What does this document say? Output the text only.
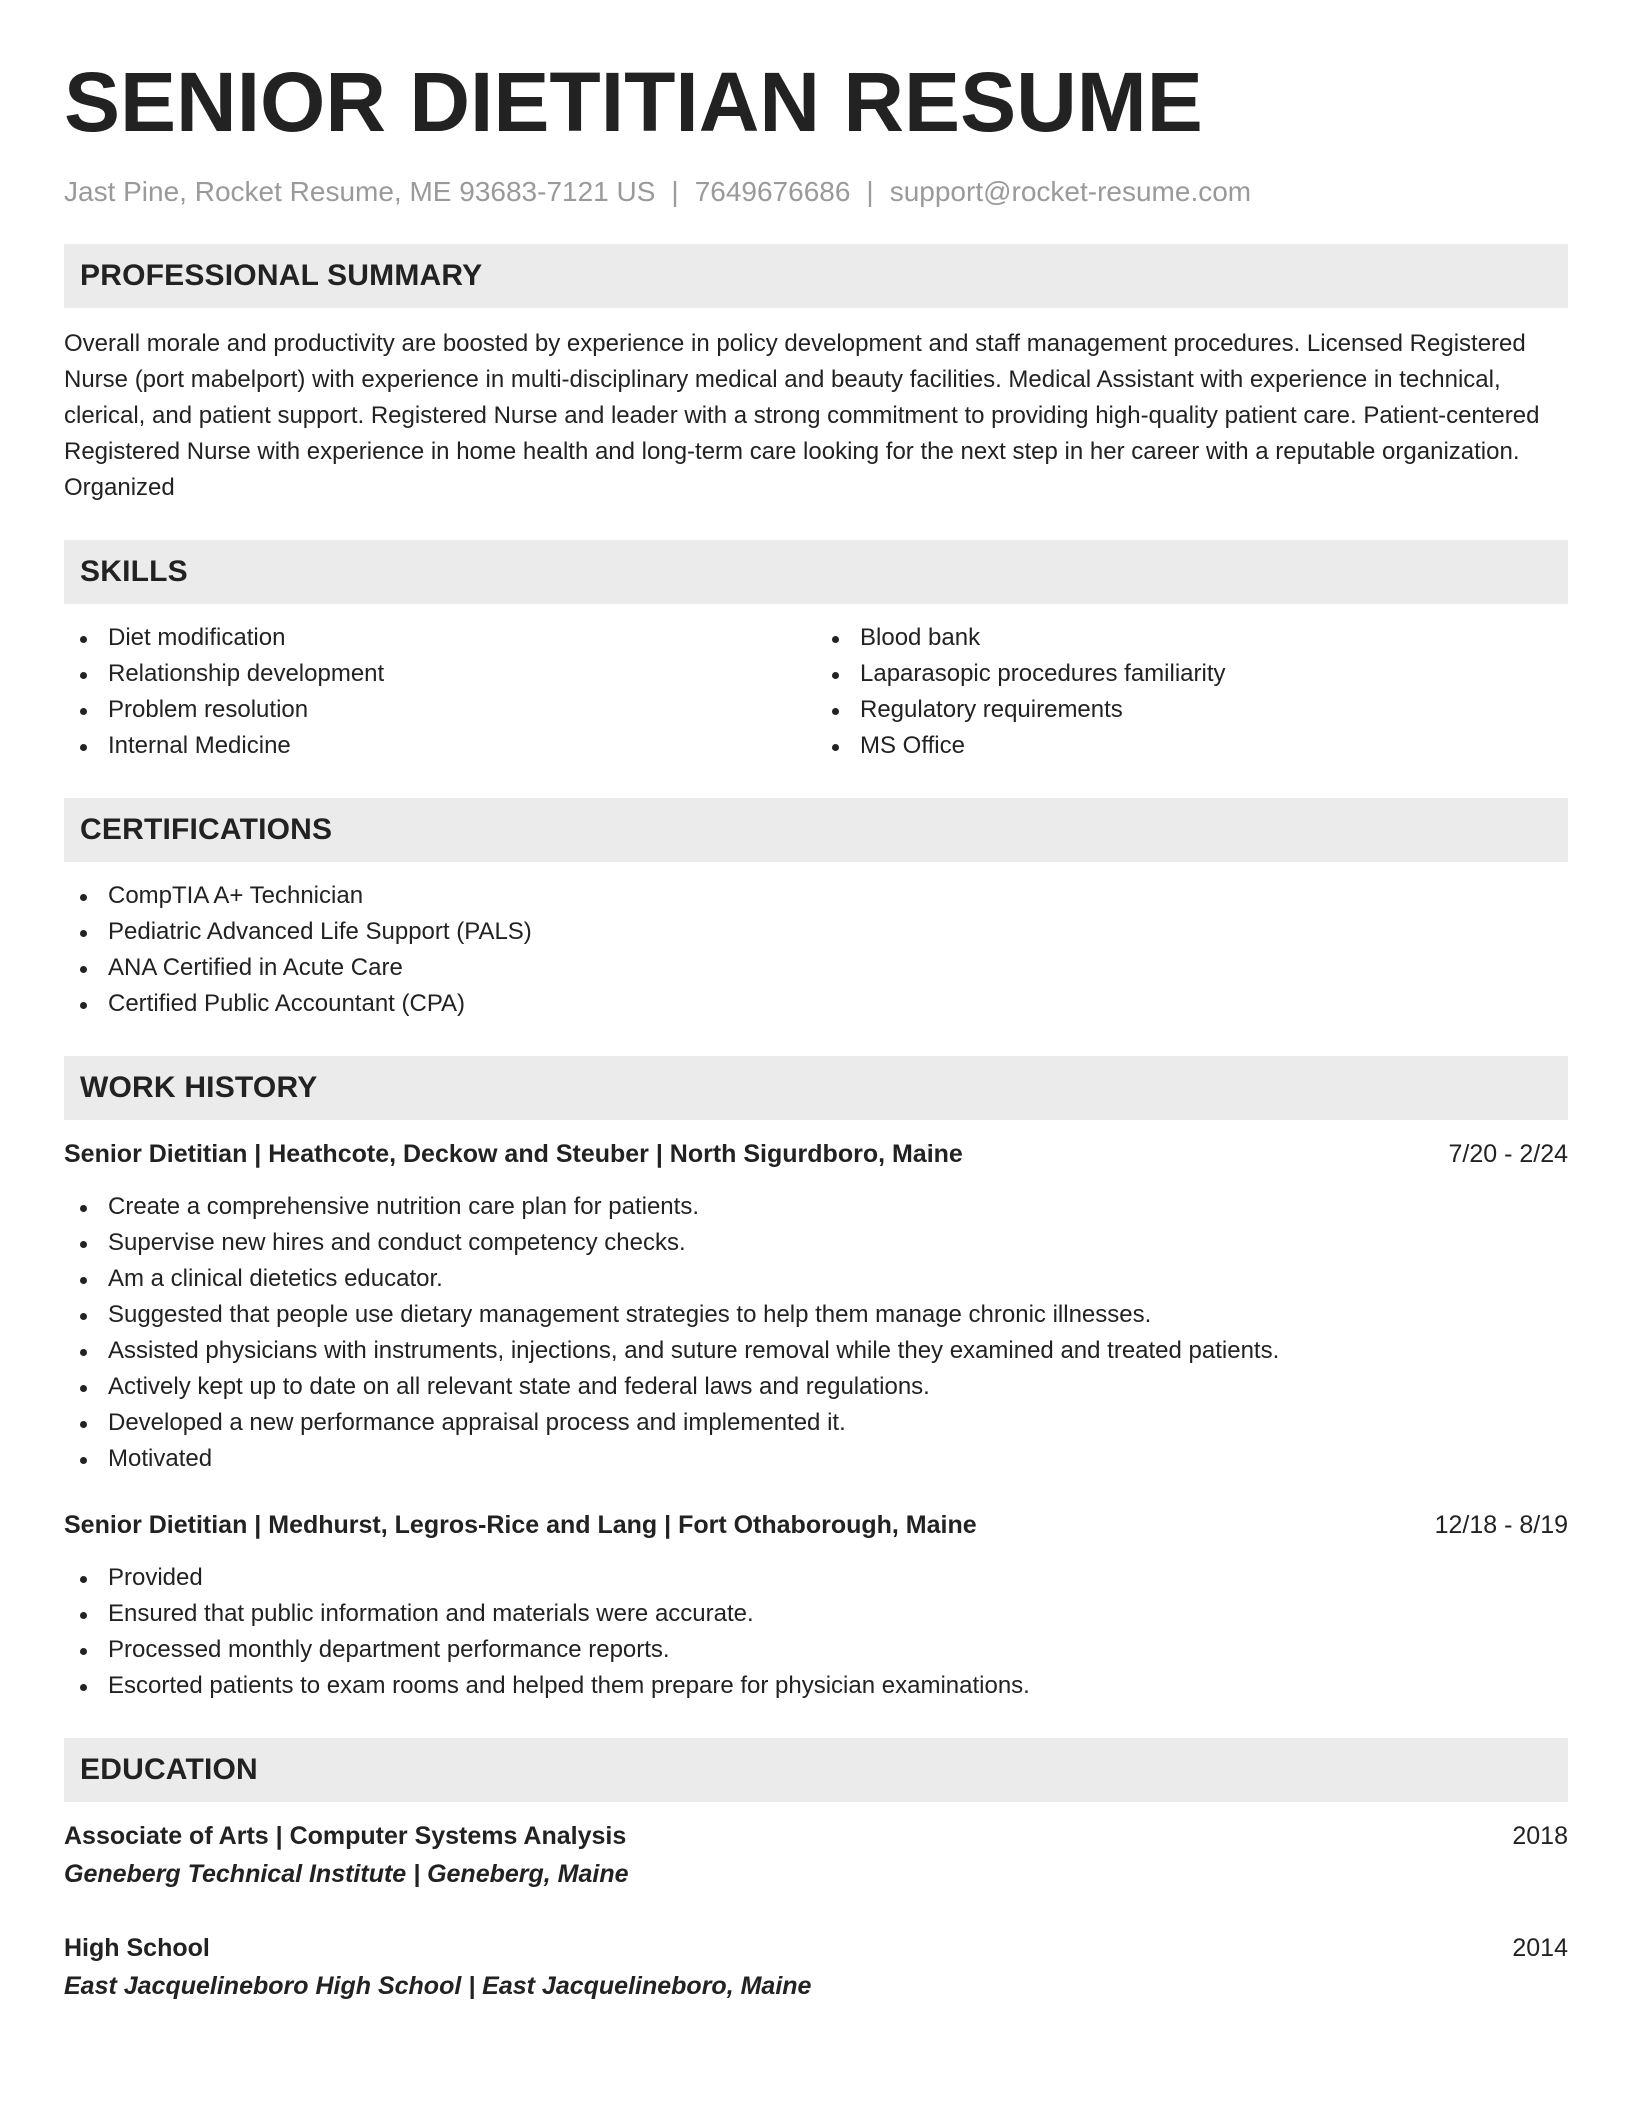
SENIOR DIETITIAN RESUME
Jast Pine, Rocket Resume, ME 93683-7121 US | 7649676686 | support@rocket-resume.com
PROFESSIONAL SUMMARY

Overall morale and productivity are boosted by experience in policy development and staff management procedures. Licensed Registered Nurse (port mabelport) with experience in multi-disciplinary medical and beauty facilities. Medical Assistant with experience in technical, clerical, and patient support. Registered Nurse and leader with a strong commitment to providing high-quality patient care. Patient-centered Registered Nurse with experience in home health and long-term care looking for the next step in her career with a reputable organization. Organized

SKILLS
Diet modification
Relationship development
Problem resolution
Internal Medicine
Blood bank
Laparasopic procedures familiarity
Regulatory requirements
MS Office
CERTIFICATIONS
CompTIA A+ Technician
Pediatric Advanced Life Support (PALS)
ANA Certified in Acute Care
Certified Public Accountant (CPA)
WORK HISTORY
Senior Dietitian | Heathcote, Deckow and Steuber | North Sigurdboro, Maine	7/20 - 2/24
Create a comprehensive nutrition care plan for patients.
Supervise new hires and conduct competency checks.
Am a clinical dietetics educator.
Suggested that people use dietary management strategies to help them manage chronic illnesses.
Assisted physicians with instruments, injections, and suture removal while they examined and treated patients.
Actively kept up to date on all relevant state and federal laws and regulations.
Developed a new performance appraisal process and implemented it.
Motivated
Senior Dietitian | Medhurst, Legros-Rice and Lang | Fort Othaborough, Maine	12/18 - 8/19
Provided
Ensured that public information and materials were accurate.
Processed monthly department performance reports.
Escorted patients to exam rooms and helped them prepare for physician examinations.
EDUCATION
Associate of Arts | Computer Systems Analysis	2018
Geneberg Technical Institute | Geneberg, Maine
High School	2014
East Jacquelineboro High School | East Jacquelineboro, Maine
